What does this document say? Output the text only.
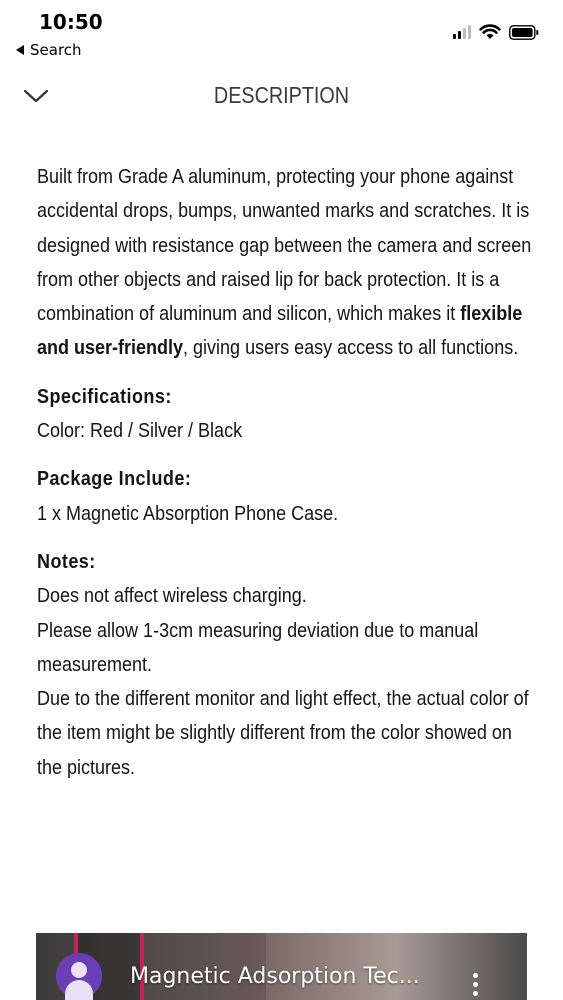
10:50
Search
DESCRIPTION
Built from Grade A aluminum, protecting your phone against accidental drops, bumps, unwanted marks and scratches. It is designed with resistance gap between the camera and screen from other objects and raised lip for back protection. It is a combination of aluminum and silicon, which makes it flexible and user-friendly, giving users easy access to all functions.
Specifications:
Color: Red / Silver / Black
Package Include:
1 x Magnetic Absorption Phone Case.
Notes:
Does not affect wireless charging.
Please allow 1-3cm measuring deviation due to manual measurement.
Due to the different monitor and light effect, the actual color of the item might be slightly different from the color showed on the pictures.
Magnetic Adsorption Tec...
